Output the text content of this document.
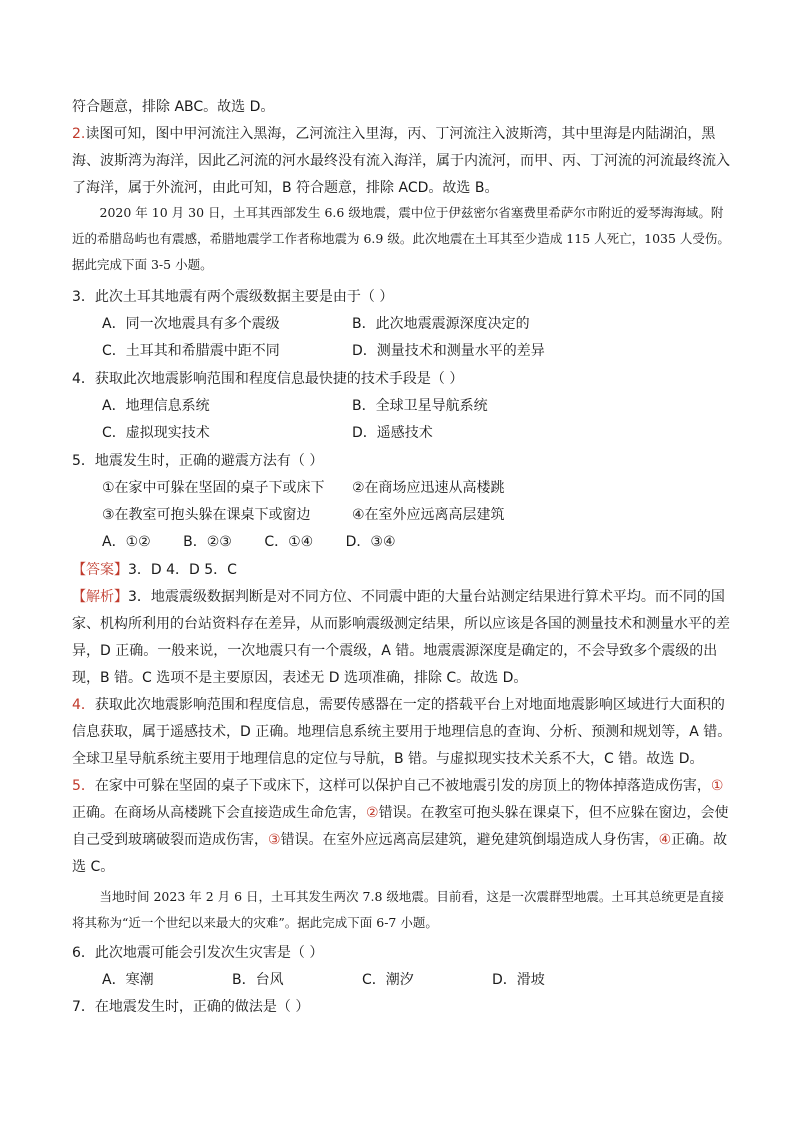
符合题意，排除 ABC。故选 D。

2.读图可知，图中甲河流注入黑海，乙河流注入里海，丙、丁河流注入波斯湾，其中里海是内陆湖泊，黑海、波斯湾为海洋，因此乙河流的河水最终没有流入海洋，属于内流河，而甲、丙、丁河流的河流最终流入了海洋，属于外流河，由此可知，B 符合题意，排除 ACD。故选 B。

2020 年 10 月 30 日，土耳其西部发生 6.6 级地震，震中位于伊兹密尔省塞费里希萨尔市附近的爱琴海海域。附近的希腊岛屿也有震感，希腊地震学工作者称地震为 6.9 级。此次地震在土耳其至少造成 115 人死亡，1035 人受伤。据此完成下面 3-5 小题。

3．此次土耳其地震有两个震级数据主要是由于（ ）

A．同一次地震具有多个震级	B．此次地震震源深度决定的
C．土耳其和希腊震中距不同	D．测量技术和测量水平的差异

4．获取此次地震影响范围和程度信息最快捷的技术手段是（ ）

A．地理信息系统	B．全球卫星导航系统
C．虚拟现实技术	D．遥感技术

5．地震发生时，正确的避震方法有（ ）

①在家中可躲在坚固的桌子下或床下	②在商场应迅速从高楼跳
③在教室可抱头躲在课桌下或窗边	④在室外应远离高层建筑
A．①② B．②③ C．①④ D．③④

【答案】3．D 4．D 5．C

【解析】3．地震震级数据判断是对不同方位、不同震中距的大量台站测定结果进行算术平均。而不同的国家、机构所利用的台站资料存在差异，从而影响震级测定结果，所以应该是各国的测量技术和测量水平的差异，D 正确。一般来说，一次地震只有一个震级，A 错。地震震源深度是确定的，不会导致多个震级的出现，B 错。C 选项不是主要原因，表述无 D 选项准确，排除 C。故选 D。

4．获取此次地震影响范围和程度信息，需要传感器在一定的搭载平台上对地面地震影响区域进行大面积的信息获取，属于遥感技术，D 正确。地理信息系统主要用于地理信息的查询、分析、预测和规划等，A 错。全球卫星导航系统主要用于地理信息的定位与导航，B 错。与虚拟现实技术关系不大，C 错。故选 D。

5．在家中可躲在坚固的桌子下或床下，这样可以保护自己不被地震引发的房顶上的物体掉落造成伤害，①正确。在商场从高楼跳下会直接造成生命危害，②错误。在教室可抱头躲在课桌下，但不应躲在窗边，会使自己受到玻璃破裂而造成伤害，③错误。在室外应远离高层建筑，避免建筑倒塌造成人身伤害，④正确。故选 C。

当地时间 2023 年 2 月 6 日，土耳其发生两次 7.8 级地震。目前看，这是一次震群型地震。土耳其总统更是直接将其称为“近一个世纪以来最大的灾难”。据此完成下面 6-7 小题。

6．此次地震可能会引发次生灾害是（ ）

A．寒潮	B．台风	C．潮汐	D．滑坡

7．在地震发生时，正确的做法是（ ）
